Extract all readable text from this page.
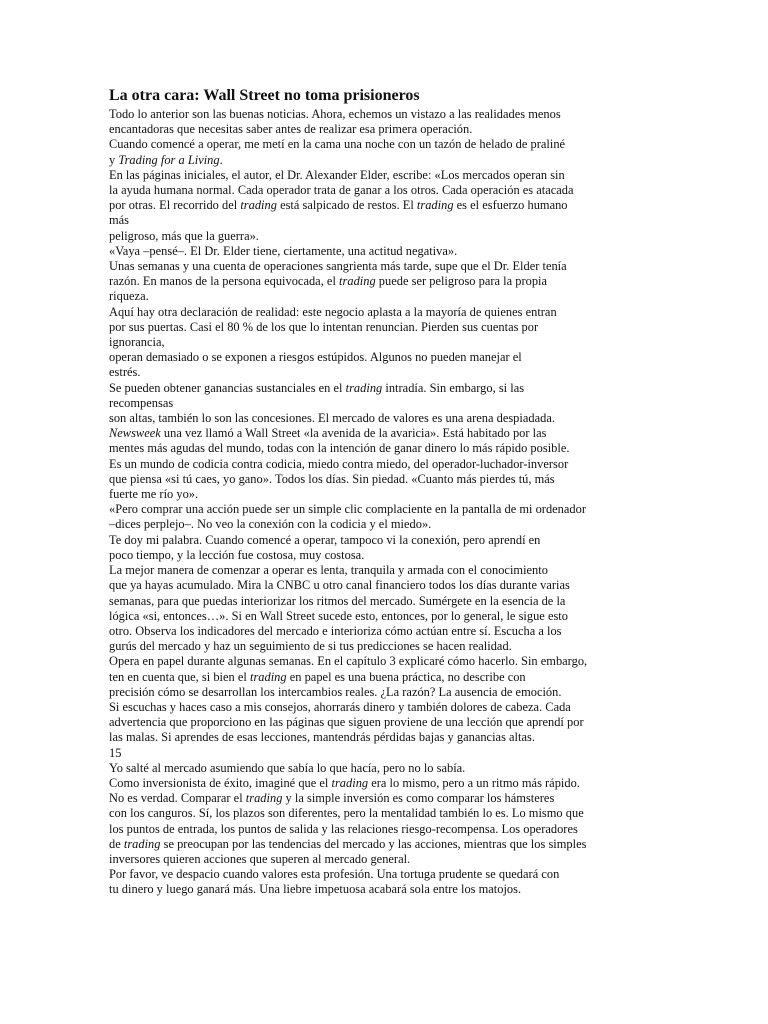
La otra cara: Wall Street no toma prisioneros
Todo lo anterior son las buenas noticias. Ahora, echemos un vistazo a las realidades menos
encantadoras que necesitas saber antes de realizar esa primera operación.
Cuando comencé a operar, me metí en la cama una noche con un tazón de helado de praliné
y Trading for a Living.
En las páginas iniciales, el autor, el Dr. Alexander Elder, escribe: «Los mercados operan sin
la ayuda humana normal. Cada operador trata de ganar a los otros. Cada operación es atacada
por otras. El recorrido del trading está salpicado de restos. El trading es el esfuerzo humano
más
peligroso, más que la guerra».
«Vaya –pensé–. El Dr. Elder tiene, ciertamente, una actitud negativa».
Unas semanas y una cuenta de operaciones sangrienta más tarde, supe que el Dr. Elder tenía
razón. En manos de la persona equivocada, el trading puede ser peligroso para la propia
riqueza.
Aquí hay otra declaración de realidad: este negocio aplasta a la mayoría de quienes entran
por sus puertas. Casi el 80 % de los que lo intentan renuncian. Pierden sus cuentas por
ignorancia,
operan demasiado o se exponen a riesgos estúpidos. Algunos no pueden manejar el
estrés.
Se pueden obtener ganancias sustanciales en el trading intradía. Sin embargo, si las
recompensas
son altas, también lo son las concesiones. El mercado de valores es una arena despiadada.
Newsweek una vez llamó a Wall Street «la avenida de la avaricia». Está habitado por las
mentes más agudas del mundo, todas con la intención de ganar dinero lo más rápido posible.
Es un mundo de codicia contra codicia, miedo contra miedo, del operador-luchador-inversor
que piensa «si tú caes, yo gano». Todos los días. Sin piedad. «Cuanto más pierdes tú, más
fuerte me río yo».
«Pero comprar una acción puede ser un simple clic complaciente en la pantalla de mi ordenador
–dices perplejo–. No veo la conexión con la codicia y el miedo».
Te doy mi palabra. Cuando comencé a operar, tampoco vi la conexión, pero aprendí en
poco tiempo, y la lección fue costosa, muy costosa.
La mejor manera de comenzar a operar es lenta, tranquila y armada con el conocimiento
que ya hayas acumulado. Mira la CNBC u otro canal financiero todos los días durante varias
semanas, para que puedas interiorizar los ritmos del mercado. Sumérgete en la esencia de la
lógica «si, entonces…». Si en Wall Street sucede esto, entonces, por lo general, le sigue esto
otro. Observa los indicadores del mercado e interioriza cómo actúan entre sí. Escucha a los
gurús del mercado y haz un seguimiento de si tus predicciones se hacen realidad.
Opera en papel durante algunas semanas. En el capítulo 3 explicaré cómo hacerlo. Sin embargo,
ten en cuenta que, si bien el trading en papel es una buena práctica, no describe con
precisión cómo se desarrollan los intercambios reales. ¿La razón? La ausencia de emoción.
Si escuchas y haces caso a mis consejos, ahorrarás dinero y también dolores de cabeza. Cada
advertencia que proporciono en las páginas que siguen proviene de una lección que aprendí por
las malas. Si aprendes de esas lecciones, mantendrás pérdidas bajas y ganancias altas.
15
Yo salté al mercado asumiendo que sabía lo que hacía, pero no lo sabía.
Como inversionista de éxito, imaginé que el trading era lo mismo, pero a un ritmo más rápido.
No es verdad. Comparar el trading y la simple inversión es como comparar los hámsteres
con los canguros. Sí, los plazos son diferentes, pero la mentalidad también lo es. Lo mismo que
los puntos de entrada, los puntos de salida y las relaciones riesgo-recompensa. Los operadores
de trading se preocupan por las tendencias del mercado y las acciones, mientras que los simples
inversores quieren acciones que superen al mercado general.
Por favor, ve despacio cuando valores esta profesión. Una tortuga prudente se quedará con
tu dinero y luego ganará más. Una liebre impetuosa acabará sola entre los matojos.
